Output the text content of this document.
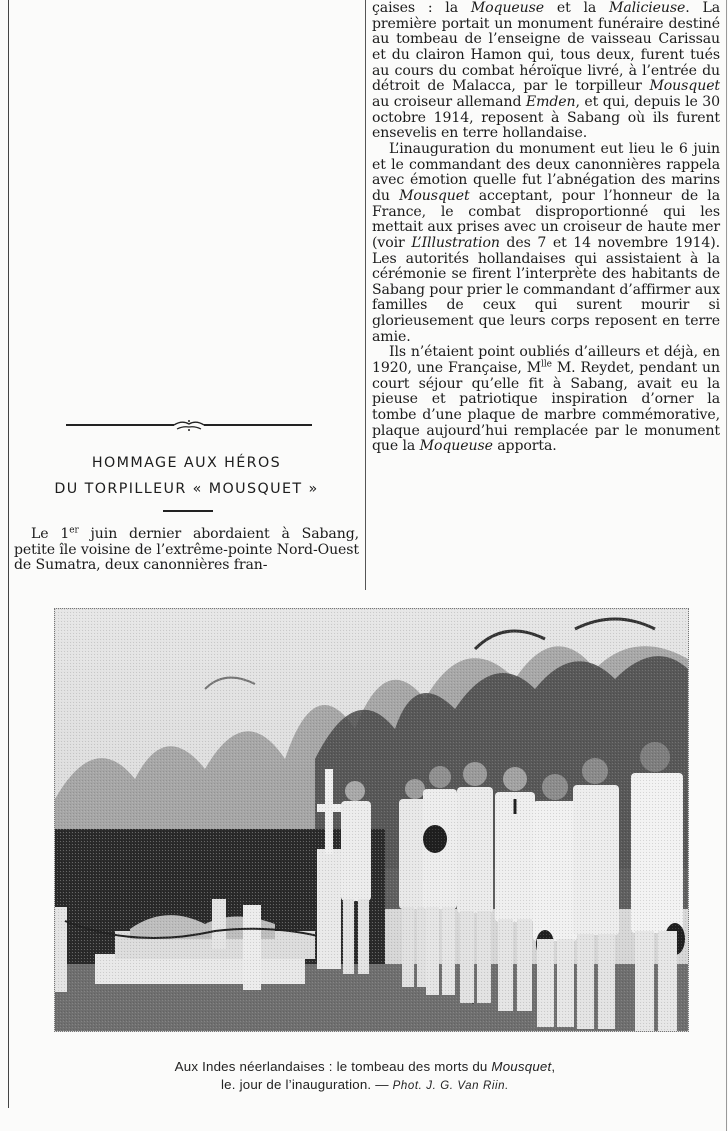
çaises : la Moqueuse et la Malicieuse. La première portait un monument funéraire destiné au tombeau de l’enseigne de vaisseau Carissau et du clairon Hamon qui, tous deux, furent tués au cours du combat héroïque livré, à l’entrée du détroit de Malacca, par le torpilleur Mousquet au croiseur allemand Emden, et qui, depuis le 30 octobre 1914, reposent à Sabang où ils furent ensevelis en terre hollandaise.

L’inauguration du monument eut lieu le 6 juin et le commandant des deux canonnières rappela avec émotion quelle fut l’abnégation des marins du Mousquet acceptant, pour l’honneur de la France, le combat disproportionné qui les mettait aux prises avec un croiseur de haute mer (voir L’Illustration des 7 et 14 novembre 1914). Les autorités hollandaises qui assistaient à la cérémonie se firent l’interprète des habitants de Sabang pour prier le commandant d’affirmer aux familles de ceux qui surent mourir si glorieusement que leurs corps reposent en terre amie.

Ils n’étaient point oubliés d’ailleurs et déjà, en 1920, une Française, $M^{lle}$ M. Reydet, pendant un court séjour qu’elle fit à Sabang, avait eu la pieuse et patriotique inspiration d’orner la tombe d’une plaque de marbre commémorative, plaque aujourd’hui remplacée par le monument que la Moqueuse apporta.

HOMMAGE AUX HÉROS
DU TORPILLEUR « MOUSQUET »

Le 1er juin dernier abordaient à Sabang, petite île voisine de l’extrême-pointe Nord-Ouest de Sumatra, deux canonnières fran-

Aux Indes néerlandaises : le tombeau des morts du Mousquet,
le. jour de l’inauguration. — Phot. J. G. Van Riin.
